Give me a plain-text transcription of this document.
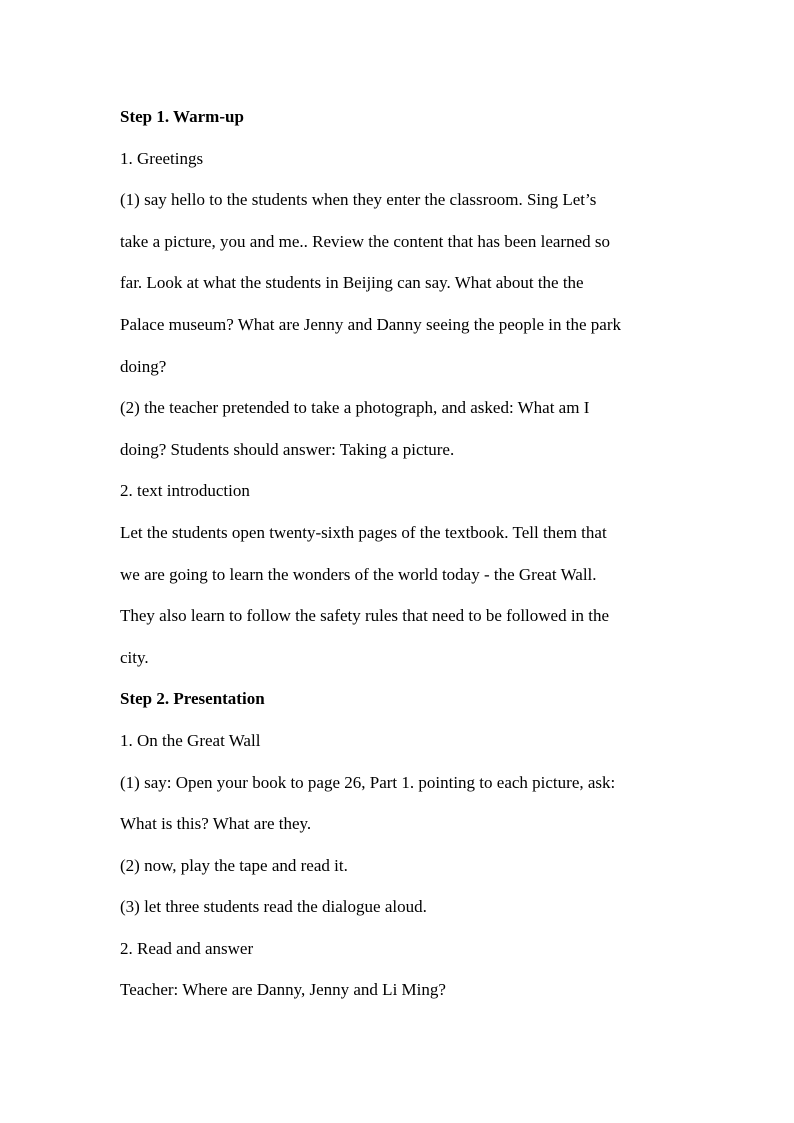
Step 1. Warm-up

1. Greetings

(1) say hello to the students when they enter the classroom. Sing Let’s

take a picture, you and me.. Review the content that has been learned so

far. Look at what the students in Beijing can say. What about the the

Palace museum? What are Jenny and Danny seeing the people in the park

doing?

(2) the teacher pretended to take a photograph, and asked: What am I

doing? Students should answer: Taking a picture.

2. text introduction

Let the students open twenty-sixth pages of the textbook. Tell them that

we are going to learn the wonders of the world today - the Great Wall.

They also learn to follow the safety rules that need to be followed in the

city.

Step 2. Presentation

1. On the Great Wall

(1) say: Open your book to page 26, Part 1. pointing to each picture, ask:

What is this? What are they.

(2) now, play the tape and read it.

(3) let three students read the dialogue aloud.

2. Read and answer

Teacher: Where are Danny, Jenny and Li Ming?
